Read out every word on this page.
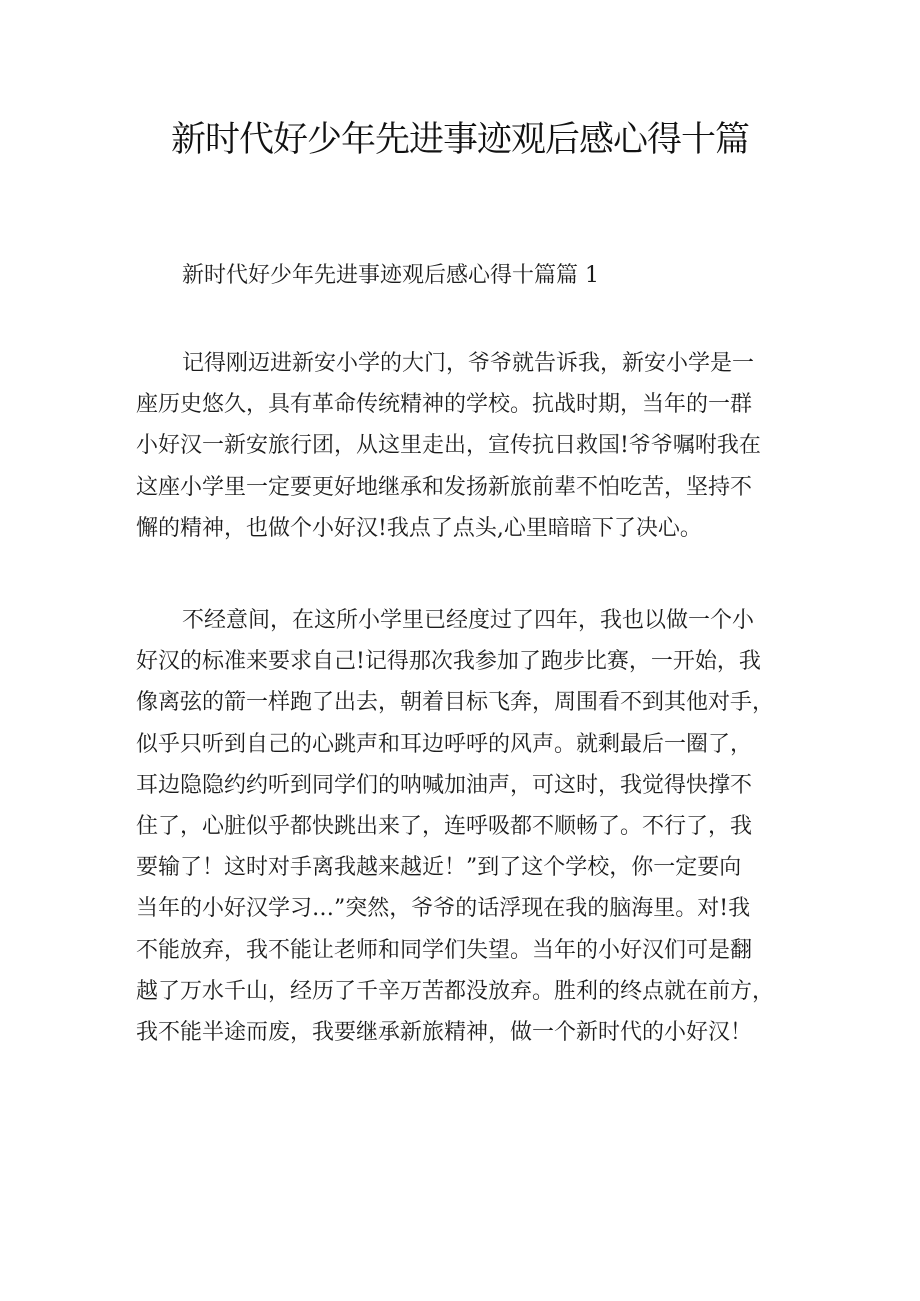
新时代好少年先进事迹观后感心得十篇
新时代好少年先进事迹观后感心得十篇篇 1
记得刚迈进新安小学的大门，爷爷就告诉我，新安小学是一
座历史悠久，具有革命传统精神的学校。抗战时期，当年的一群
小好汉一新安旅行团，从这里走出，宣传抗日救国!爷爷嘱咐我在
这座小学里一定要更好地继承和发扬新旅前辈不怕吃苦，坚持不
懈的精神，也做个小好汉!我点了点头,心里暗暗下了决心。
不经意间，在这所小学里已经度过了四年，我也以做一个小
好汉的标准来要求自己!记得那次我参加了跑步比赛，一开始，我
像离弦的箭一样跑了出去，朝着目标飞奔，周围看不到其他对手，
似乎只听到自己的心跳声和耳边呼呼的风声。就剩最后一圈了，
耳边隐隐约约听到同学们的呐喊加油声，可这时，我觉得快撑不
住了，心脏似乎都快跳出来了，连呼吸都不顺畅了。不行了，我
要输了！这时对手离我越来越近！”到了这个学校，你一定要向
当年的小好汉学习…”突然，爷爷的话浮现在我的脑海里。对!我
不能放弃，我不能让老师和同学们失望。当年的小好汉们可是翻
越了万水千山，经历了千辛万苦都没放弃。胜利的终点就在前方，
我不能半途而废，我要继承新旅精神，做一个新时代的小好汉！
